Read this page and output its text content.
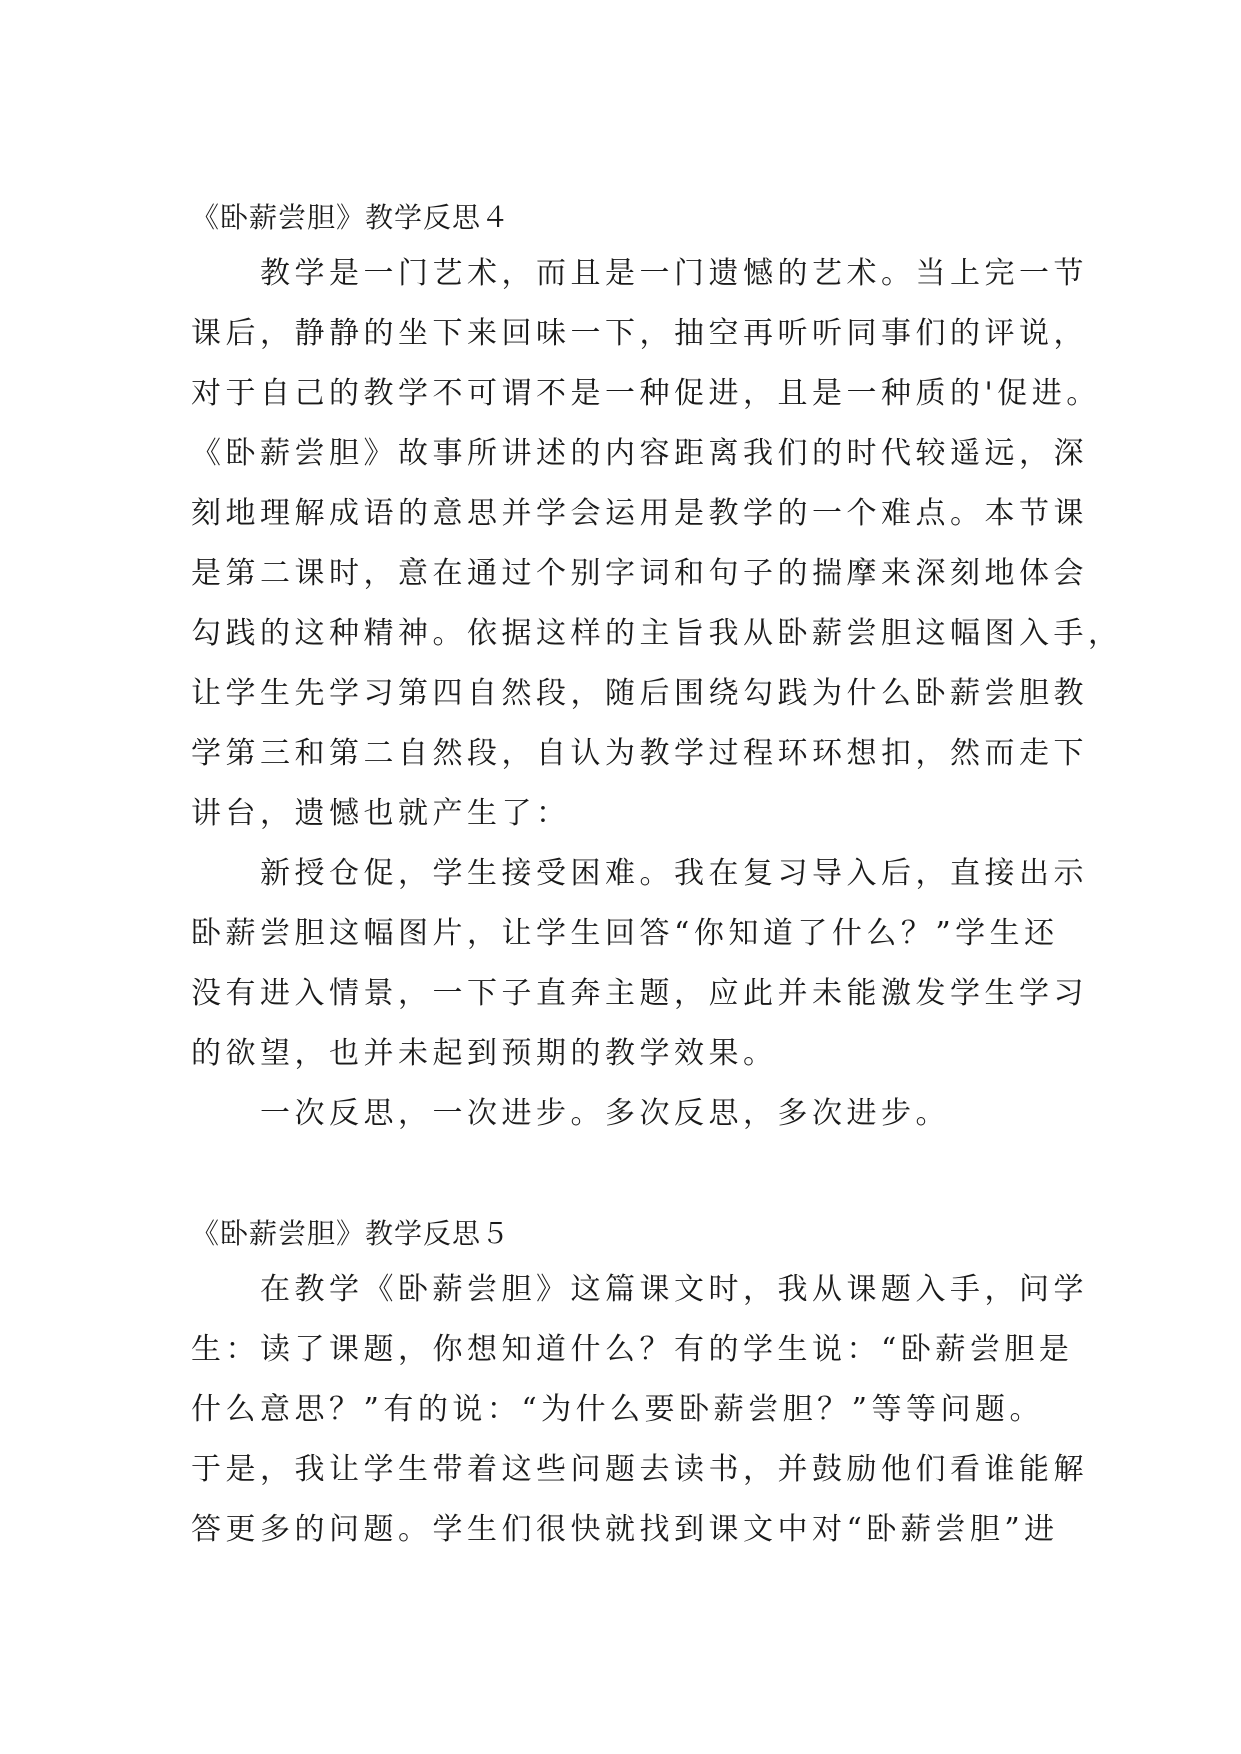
《卧薪尝胆》教学反思４
　　教学是一门艺术，而且是一门遗憾的艺术。当上完一节
课后，静静的坐下来回味一下，抽空再听听同事们的评说，
对于自己的教学不可谓不是一种促进，且是一种质的'促进。
《卧薪尝胆》故事所讲述的内容距离我们的时代较遥远，深
刻地理解成语的意思并学会运用是教学的一个难点。本节课
是第二课时，意在通过个别字词和句子的揣摩来深刻地体会
勾践的这种精神。依据这样的主旨我从卧薪尝胆这幅图入手，
让学生先学习第四自然段，随后围绕勾践为什么卧薪尝胆教
学第三和第二自然段，自认为教学过程环环想扣，然而走下
讲台，遗憾也就产生了：
　　新授仓促，学生接受困难。我在复习导入后，直接出示
卧薪尝胆这幅图片，让学生回答“你知道了什么？”学生还
没有进入情景，一下子直奔主题，应此并未能激发学生学习
的欲望，也并未起到预期的教学效果。
　　一次反思，一次进步。多次反思，多次进步。
《卧薪尝胆》教学反思５
　　在教学《卧薪尝胆》这篇课文时，我从课题入手，问学
生：读了课题，你想知道什么？有的学生说：“卧薪尝胆是
什么意思？”有的说：“为什么要卧薪尝胆？”等等问题。
于是，我让学生带着这些问题去读书，并鼓励他们看谁能解
答更多的问题。学生们很快就找到课文中对“卧薪尝胆”进
